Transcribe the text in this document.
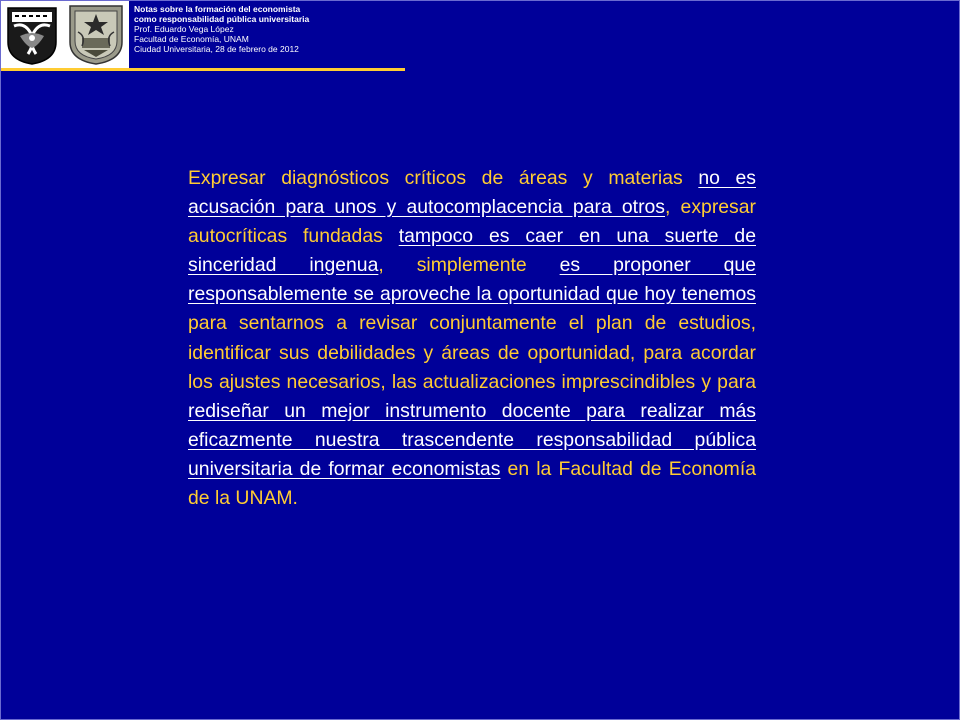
Notas sobre la formación del economista
como responsabilidad pública universitaria
Prof. Eduardo Vega López
Facultad de Economía, UNAM
Ciudad Universitaria, 28 de febrero de 2012

Expresar diagnósticos críticos de áreas y materias no es acusación para unos y autocomplacencia para otros, expresar autocríticas fundadas tampoco es caer en una suerte de sinceridad ingenua, simplemente es proponer que responsablemente se aproveche la oportunidad que hoy tenemos para sentarnos a revisar conjuntamente el plan de estudios, identificar sus debilidades y áreas de oportunidad, para acordar los ajustes necesarios, las actualizaciones imprescindibles y para rediseñar un mejor instrumento docente para realizar más eficazmente nuestra trascendente responsabilidad pública universitaria de formar economistas en la Facultad de Economía de la UNAM.
